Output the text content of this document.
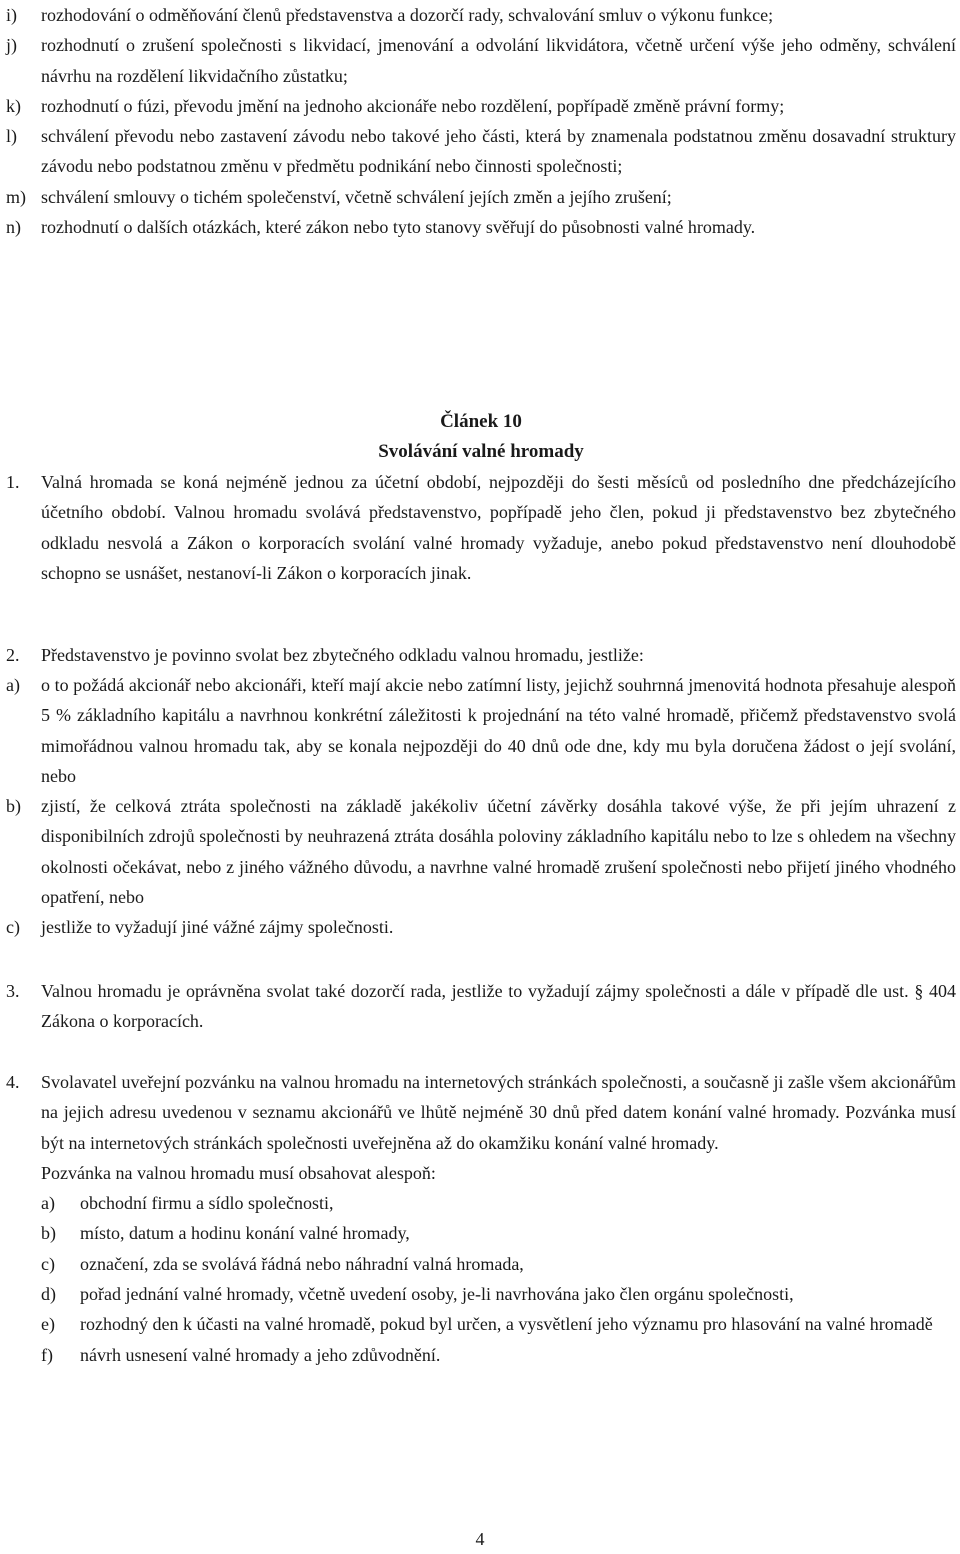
i)	rozhodování o odměňování členů představenstva a dozorčí rady, schvalování smluv o výkonu funkce;
j)	rozhodnutí o zrušení společnosti s likvidací, jmenování a odvolání likvidátora, včetně určení výše jeho odměny, schválení návrhu na rozdělení likvidačního zůstatku;
k)	rozhodnutí o fúzi, převodu jmění na jednoho akcionáře nebo rozdělení, popřípadě změně právní formy;
l)	schválení převodu nebo zastavení závodu nebo takové jeho části, která by znamenala podstatnou změnu dosavadní struktury závodu nebo podstatnou změnu v předmětu podnikání nebo činnosti společnosti;
m) schválení smlouvy o tichém společenství, včetně schválení jejích změn a jejího zrušení;
n)	rozhodnutí o dalších otázkách, které zákon nebo tyto stanovy svěřují do působnosti valné hromady.
Článek 10
Svolávání valné hromady
1.	Valná hromada se koná nejméně jednou za účetní období, nejpozději do šesti měsíců od posledního dne předcházejícího účetního období. Valnou hromadu svolává představenstvo, popřípadě jeho člen, pokud ji představenstvo bez zbytečného odkladu nesvolá a Zákon o korporacích svolání valné hromady vyžaduje, anebo pokud představenstvo není dlouhodobě schopno se usnášet, nestanoví-li Zákon o korporacích jinak.
2.	Představenstvo je povinno svolat bez zbytečného odkladu valnou hromadu, jestliže:
a)	o to požádá akcionář nebo akcionáři, kteří mají akcie nebo zatímní listy, jejichž souhrnná jmenovitá hodnota přesahuje alespoň 5 % základního kapitálu a navrhnou konkrétní záležitosti k projednání na této valné hromadě, přičemž představenstvo svolá mimořádnou valnou hromadu tak, aby se konala nejpozději do 40 dnů ode dne, kdy mu byla doručena žádost o její svolání, nebo
b)	zjistí, že celková ztráta společnosti na základě jakékoliv účetní závěrky dosáhla takové výše, že při jejím uhrazení z disponibilních zdrojů společnosti by neuhrazená ztráta dosáhla poloviny základního kapitálu nebo to lze s ohledem na všechny okolnosti očekávat, nebo z jiného vážného důvodu, a navrhne valné hromadě zrušení společnosti nebo přijetí jiného vhodného opatření, nebo
c)	jestliže to vyžadují jiné vážné zájmy společnosti.
3.	Valnou hromadu je oprávněna svolat také dozorčí rada, jestliže to vyžadují zájmy společnosti a dále v případě dle ust. § 404 Zákona o korporacích.
4.	Svolavatel uveřejní pozvánku na valnou hromadu na internetových stránkách společnosti, a současně ji zašle všem akcionářům na jejich adresu uvedenou v seznamu akcionářů ve lhůtě nejméně 30 dnů před datem konání valné hromady. Pozvánka musí být na internetových stránkách společnosti uveřejněna až do okamžiku konání valné hromady.
Pozvánka na valnou hromadu musí obsahovat alespoň:
a)	obchodní firmu a sídlo společnosti,
b)	místo, datum a hodinu konání valné hromady,
c)	označení, zda se svolává řádná nebo náhradní valná hromada,
d)	pořad jednání valné hromady, včetně uvedení osoby, je-li navrhována jako člen orgánu společnosti,
e)	rozhodný den k účasti na valné hromadě, pokud byl určen, a vysvětlení jeho významu pro hlasování na valné hromadě
f)	návrh usnesení valné hromady a jeho zdůvodnění.
4
